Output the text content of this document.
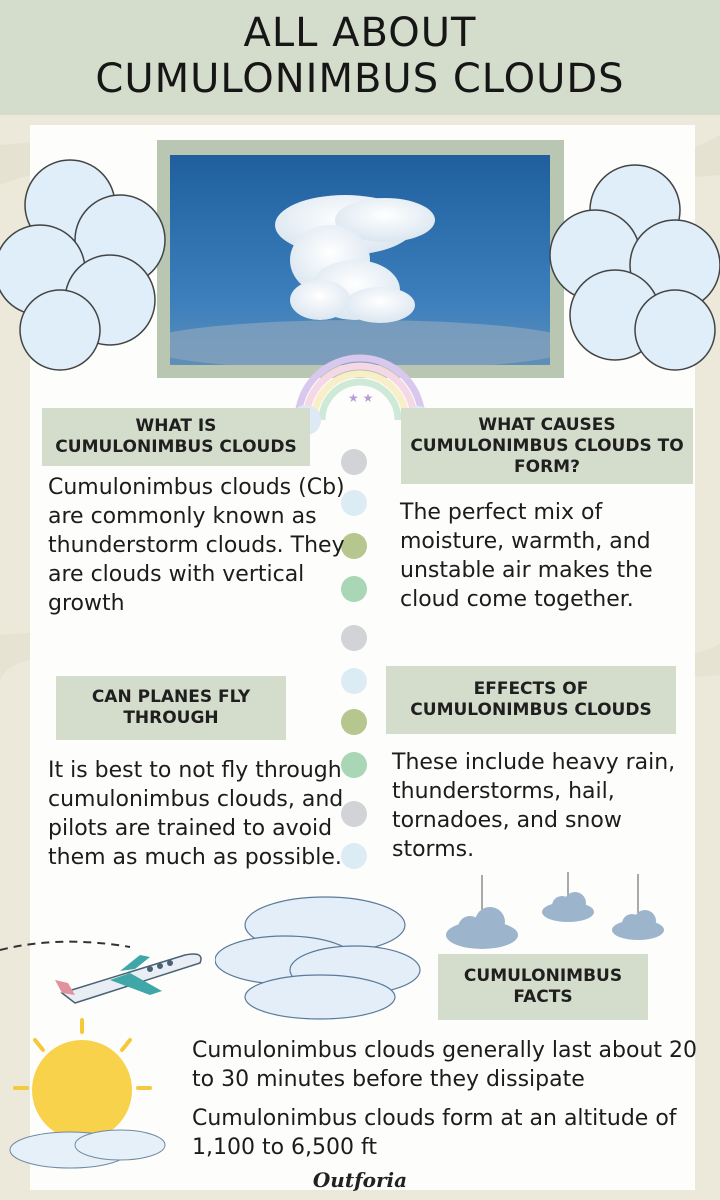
ALL ABOUT
CUMULONIMBUS CLOUDS
★ ★
WHAT IS
CUMULONIMBUS CLOUDS
Cumulonimbus clouds (Cb) are commonly known as thunderstorm clouds. They are clouds with vertical growth
WHAT CAUSES
CUMULONIMBUS CLOUDS TO
FORM?
The perfect mix of moisture, warmth, and unstable air makes the cloud come together.
CAN PLANES FLY
THROUGH
It is best to not fly through cumulonimbus clouds, and pilots are trained to avoid them as much as possible.
EFFECTS OF
CUMULONIMBUS CLOUDS
These include heavy rain, thunderstorms, hail, tornadoes, and snow storms.
CUMULONIMBUS
FACTS
Cumulonimbus clouds generally last about 20 to 30 minutes before they dissipate
Cumulonimbus clouds form at an altitude of 1,100 to 6,500 ft
Outforia
